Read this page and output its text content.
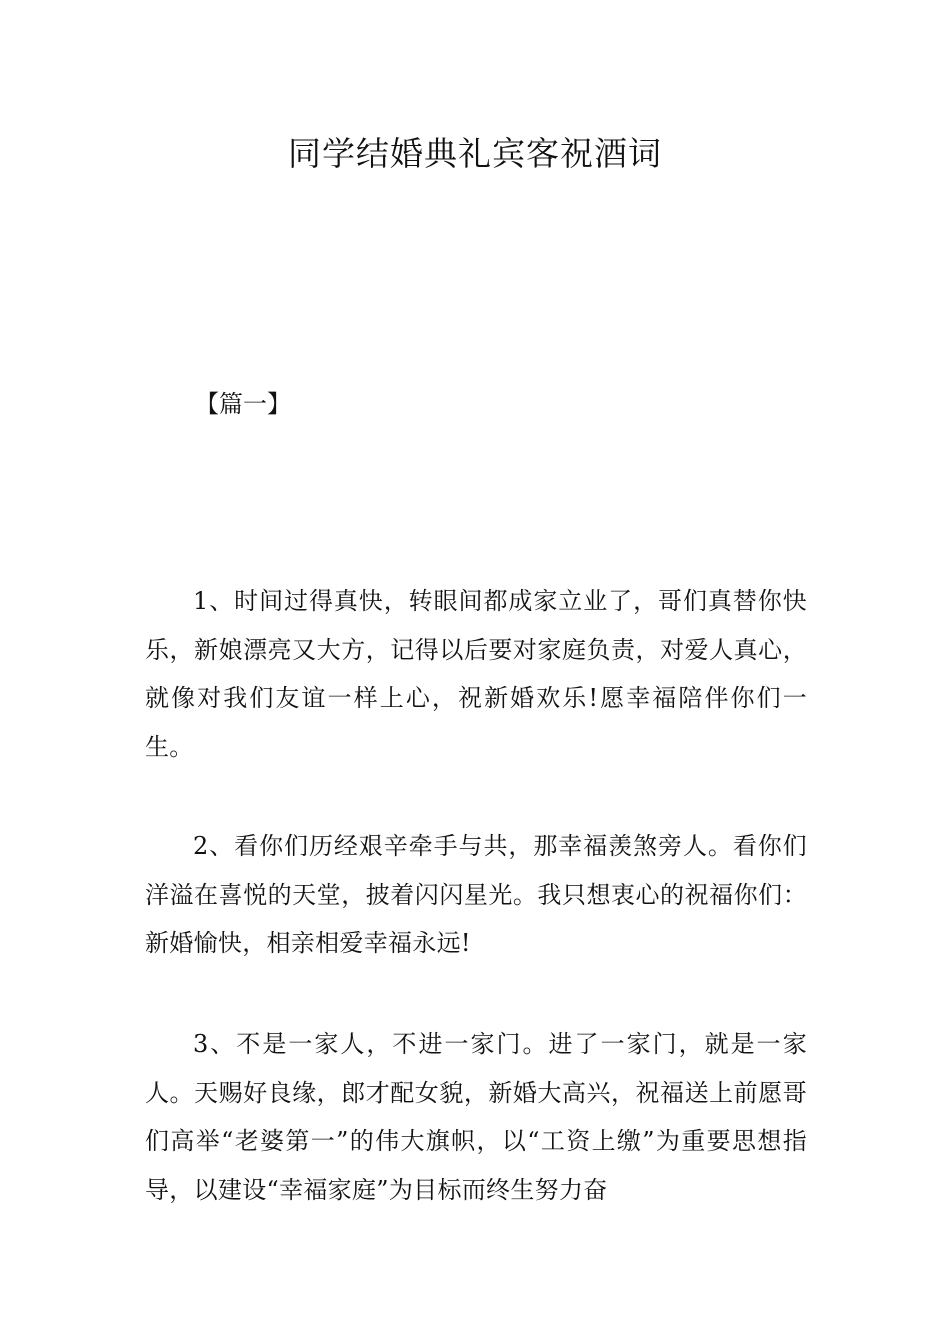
同学结婚典礼宾客祝酒词
【篇一】

1、时间过得真快，转眼间都成家立业了，哥们真替你快乐，新娘漂亮又大方，记得以后要对家庭负责，对爱人真心，就像对我们友谊一样上心，祝新婚欢乐!愿幸福陪伴你们一生。

2、看你们历经艰辛牵手与共，那幸福羡煞旁人。看你们洋溢在喜悦的天堂，披着闪闪星光。我只想衷心的祝福你们：新婚愉快，相亲相爱幸福永远!

3、不是一家人，不进一家门。进了一家门，就是一家人。天赐好良缘，郎才配女貌，新婚大高兴，祝福送上前愿哥们高举“老婆第一”的伟大旗帜，以“工资上缴”为重要思想指导，以建设“幸福家庭”为目标而终生努力奋
